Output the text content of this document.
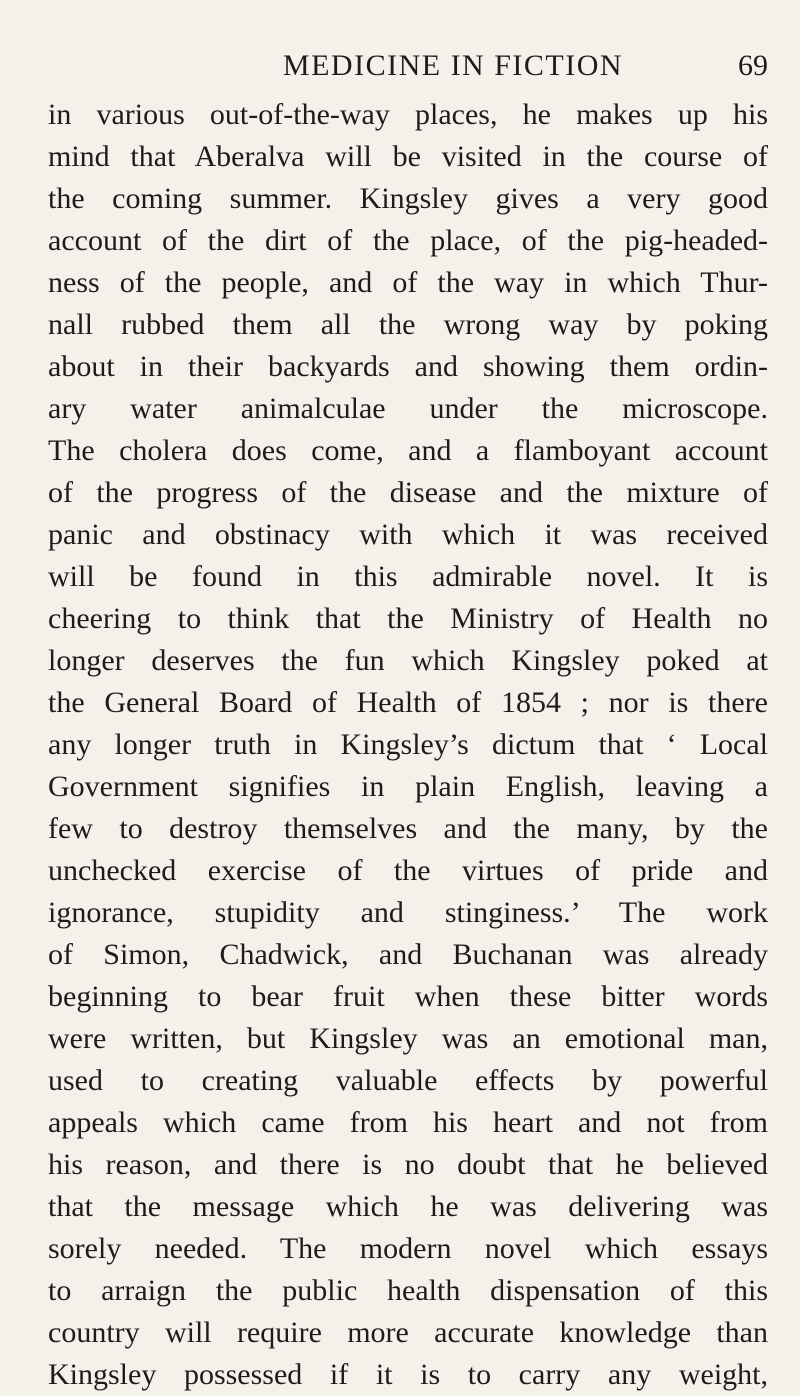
MEDICINE IN FICTION	69
in various out-of-the-way places, he makes up his
mind that Aberalva will be visited in the course of
the coming summer. Kingsley gives a very good
account of the dirt of the place, of the pig-headed-
ness of the people, and of the way in which Thur-
nall rubbed them all the wrong way by poking
about in their backyards and showing them ordin-
ary water animalculae under the microscope.
The cholera does come, and a flamboyant account
of the progress of the disease and the mixture of
panic and obstinacy with which it was received
will be found in this admirable novel. It is
cheering to think that the Ministry of Health no
longer deserves the fun which Kingsley poked at
the General Board of Health of 1854 ; nor is there
any longer truth in Kingsley’s dictum that ‘ Local
Government signifies in plain English, leaving a
few to destroy themselves and the many, by the
unchecked exercise of the virtues of pride and
ignorance, stupidity and stinginess.’ The work
of Simon, Chadwick, and Buchanan was already
beginning to bear fruit when these bitter words
were written, but Kingsley was an emotional man,
used to creating valuable effects by powerful
appeals which came from his heart and not from
his reason, and there is no doubt that he believed
that the message which he was delivering was
sorely needed. The modern novel which essays
to arraign the public health dispensation of this
country will require more accurate knowledge than
Kingsley possessed if it is to carry any weight,
